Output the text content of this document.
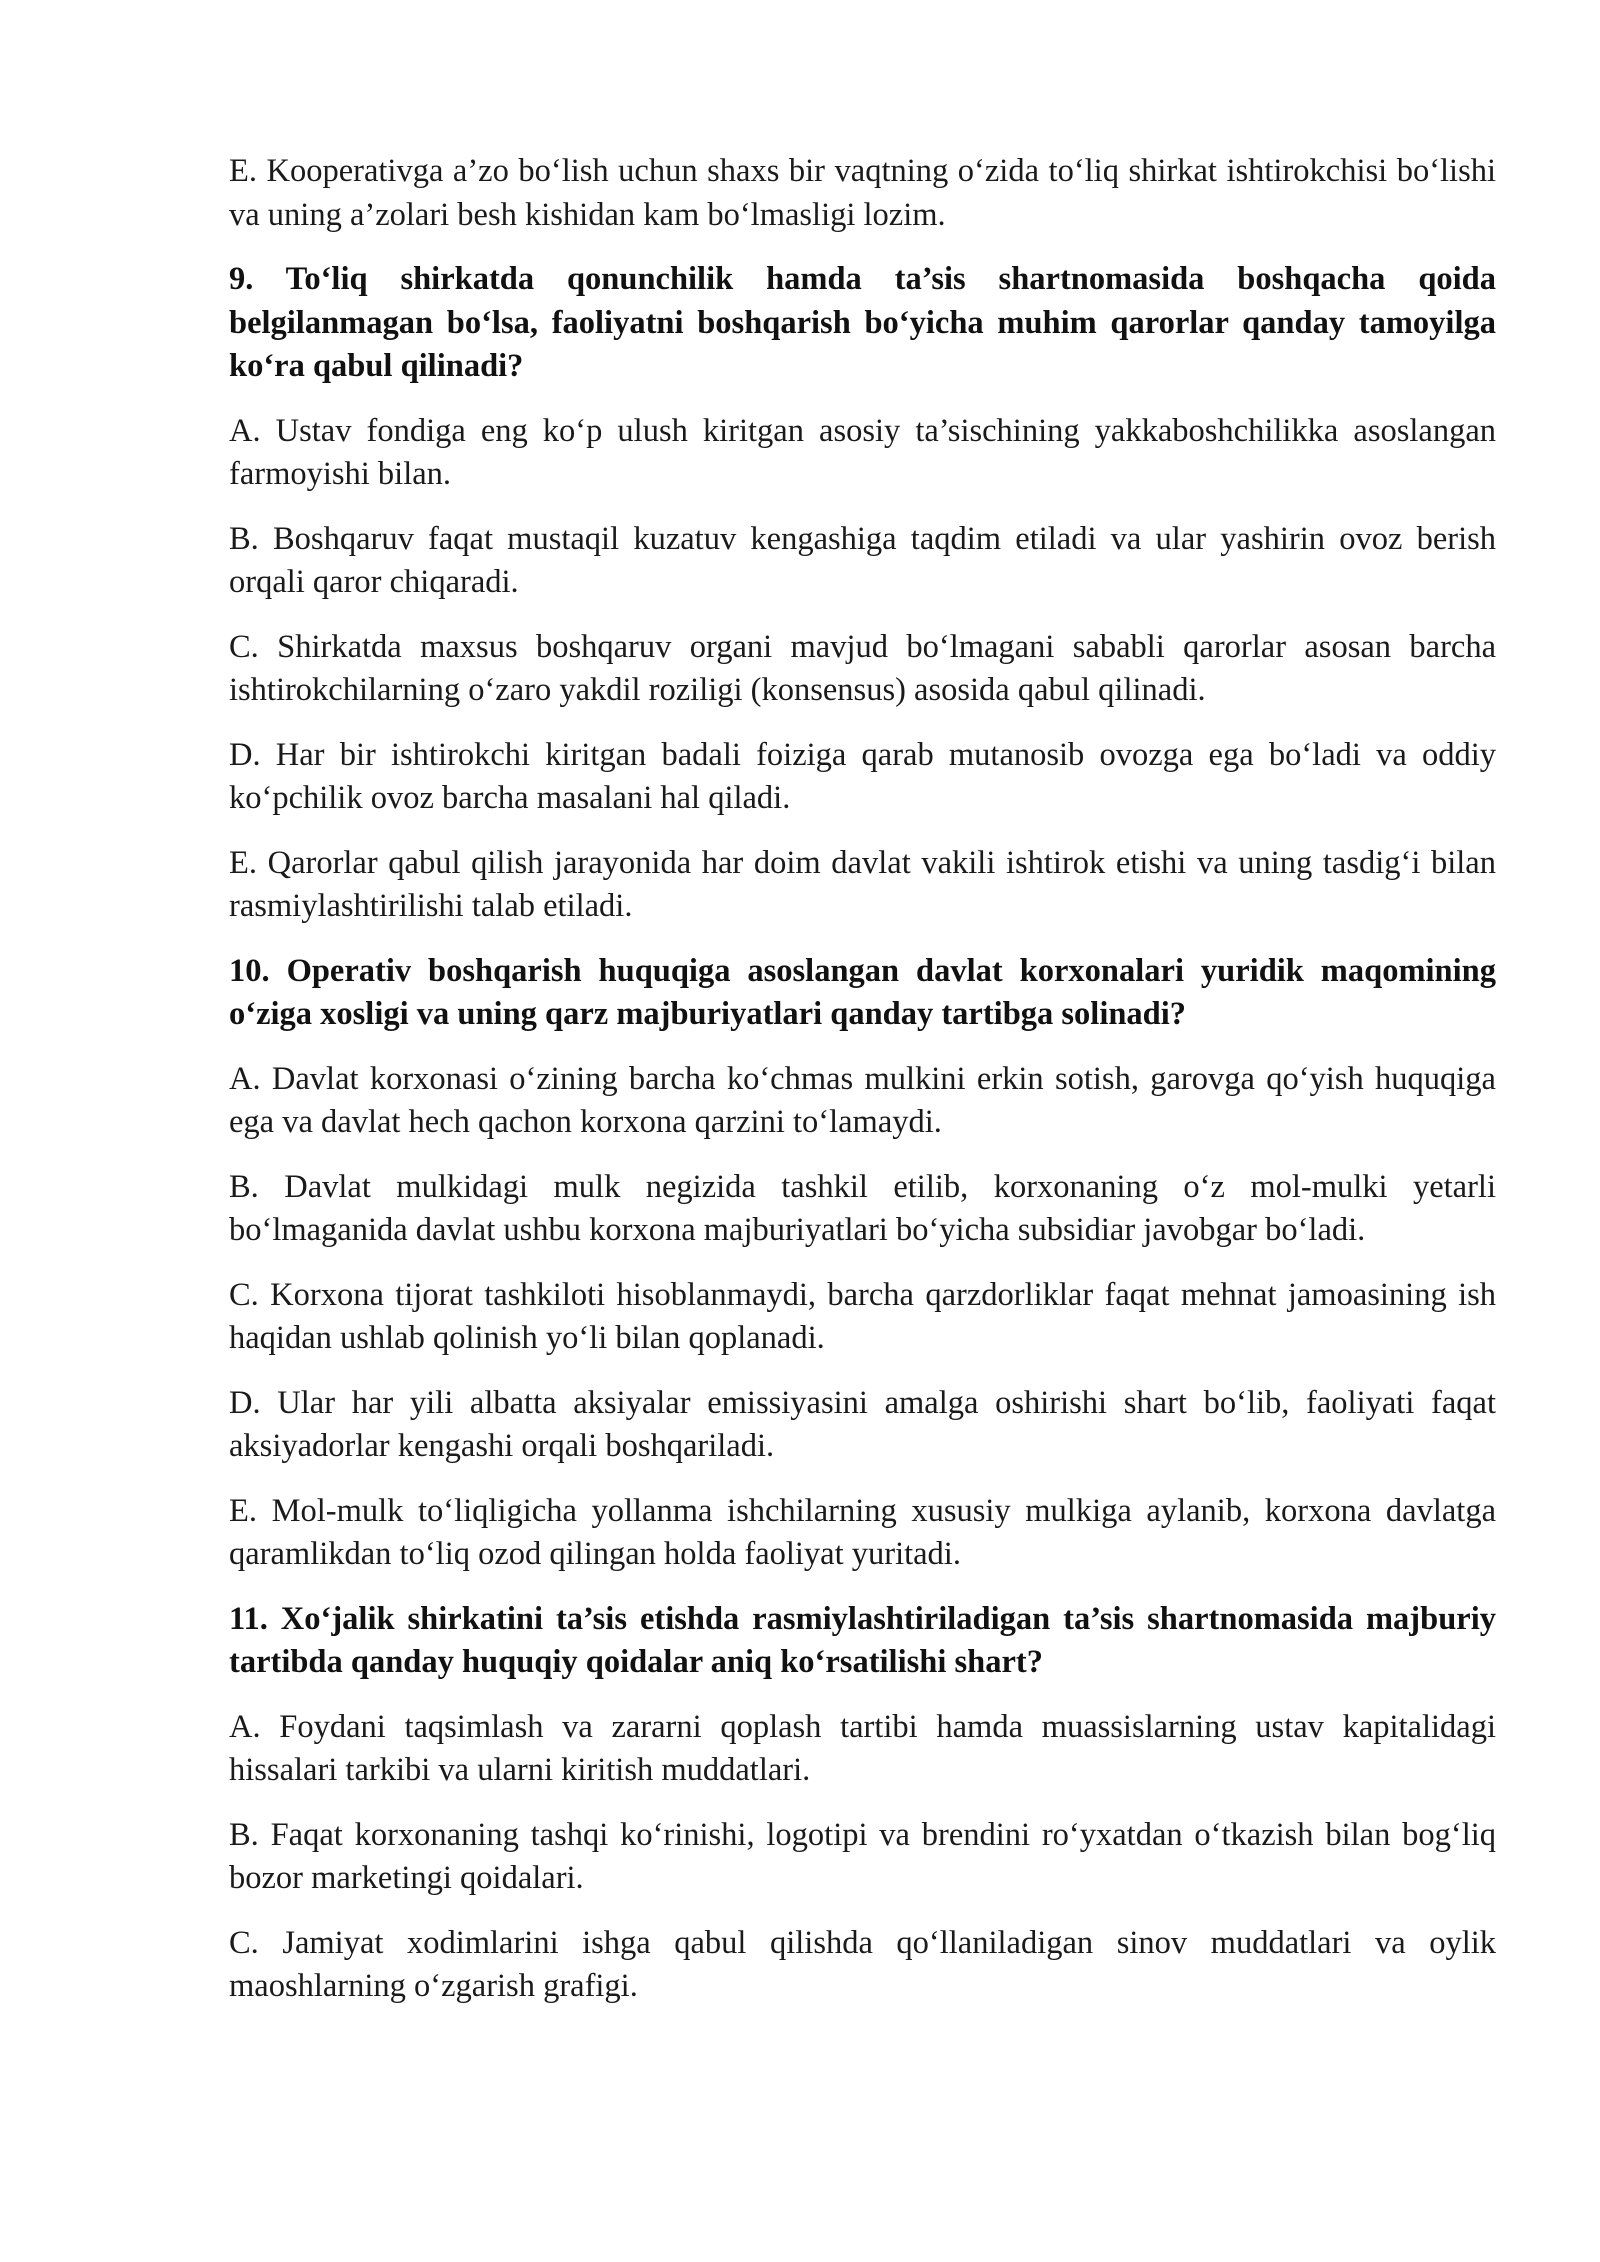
E. Kooperativga a’zo bo‘lish uchun shaxs bir vaqtning o‘zida to‘liq shirkat ishtirokchisi bo‘lishi va uning a’zolari besh kishidan kam bo‘lmasligi lozim.

9. To‘liq shirkatda qonunchilik hamda ta’sis shartnomasida boshqacha qoida belgilanmagan bo‘lsa, faoliyatni boshqarish bo‘yicha muhim qarorlar qanday tamoyilga ko‘ra qabul qilinadi?

A. Ustav fondiga eng ko‘p ulush kiritgan asosiy ta’sischining yakkaboshchilikka asoslangan farmoyishi bilan.

B. Boshqaruv faqat mustaqil kuzatuv kengashiga taqdim etiladi va ular yashirin ovoz berish orqali qaror chiqaradi.

C. Shirkatda maxsus boshqaruv organi mavjud bo‘lmagani sababli qarorlar asosan barcha ishtirokchilarning o‘zaro yakdil roziligi (konsensus) asosida qabul qilinadi.

D. Har bir ishtirokchi kiritgan badali foiziga qarab mutanosib ovozga ega bo‘ladi va oddiy ko‘pchilik ovoz barcha masalani hal qiladi.

E. Qarorlar qabul qilish jarayonida har doim davlat vakili ishtirok etishi va uning tasdig‘i bilan rasmiylashtirilishi talab etiladi.

10. Operativ boshqarish huquqiga asoslangan davlat korxonalari yuridik maqomining o‘ziga xosligi va uning qarz majburiyatlari qanday tartibga solinadi?

A. Davlat korxonasi o‘zining barcha ko‘chmas mulkini erkin sotish, garovga qo‘yish huquqiga ega va davlat hech qachon korxona qarzini to‘lamaydi.

B. Davlat mulkidagi mulk negizida tashkil etilib, korxonaning o‘z mol-mulki yetarli bo‘lmaganida davlat ushbu korxona majburiyatlari bo‘yicha subsidiar javobgar bo‘ladi.

C. Korxona tijorat tashkiloti hisoblanmaydi, barcha qarzdorliklar faqat mehnat jamoasining ish haqidan ushlab qolinish yo‘li bilan qoplanadi.

D. Ular har yili albatta aksiyalar emissiyasini amalga oshirishi shart bo‘lib, faoliyati faqat aksiyadorlar kengashi orqali boshqariladi.

E. Mol-mulk to‘liqligicha yollanma ishchilarning xususiy mulkiga aylanib, korxona davlatga qaramlikdan to‘liq ozod qilingan holda faoliyat yuritadi.

11. Xo‘jalik shirkatini ta’sis etishda rasmiylashtiriladigan ta’sis shartnomasida majburiy tartibda qanday huquqiy qoidalar aniq ko‘rsatilishi shart?

A. Foydani taqsimlash va zararni qoplash tartibi hamda muassislarning ustav kapitalidagi hissalari tarkibi va ularni kiritish muddatlari.

B. Faqat korxonaning tashqi ko‘rinishi, logotipi va brendini ro‘yxatdan o‘tkazish bilan bog‘liq bozor marketingi qoidalari.

C. Jamiyat xodimlarini ishga qabul qilishda qo‘llaniladigan sinov muddatlari va oylik maoshlarning o‘zgarish grafigi.
